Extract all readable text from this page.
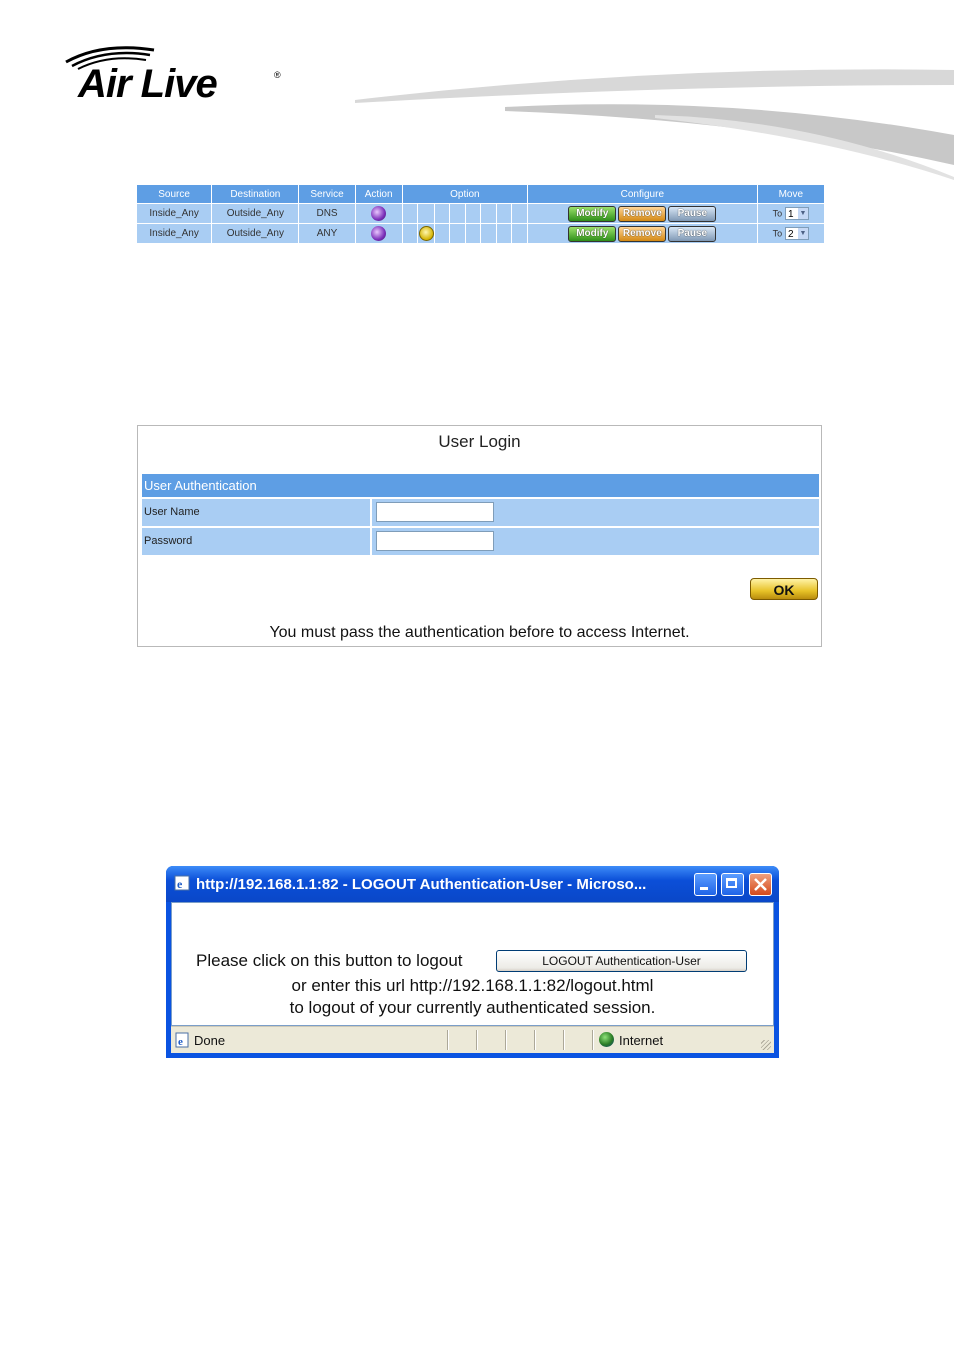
Air Live	®
Source	Destination	Service	Action	Option								Configure	Move
Inside_Any	Outside_Any	DNS										Modify Remove Pause	To 1 ▼

Inside_Any	Outside_Any	ANY										Modify Remove Pause	To 2 ▼
User Login
User Authentication
User Name
Password
OK
You must pass the authentication before to access Internet.
e http://192.168.1.1:82 - LOGOUT Authentication-User - Microso...
Please click on this button to logout	LOGOUT Authentication-User
or enter this url http://192.168.1.1:82/logout.html
to logout of your currently authenticated session.
e Done	Internet
